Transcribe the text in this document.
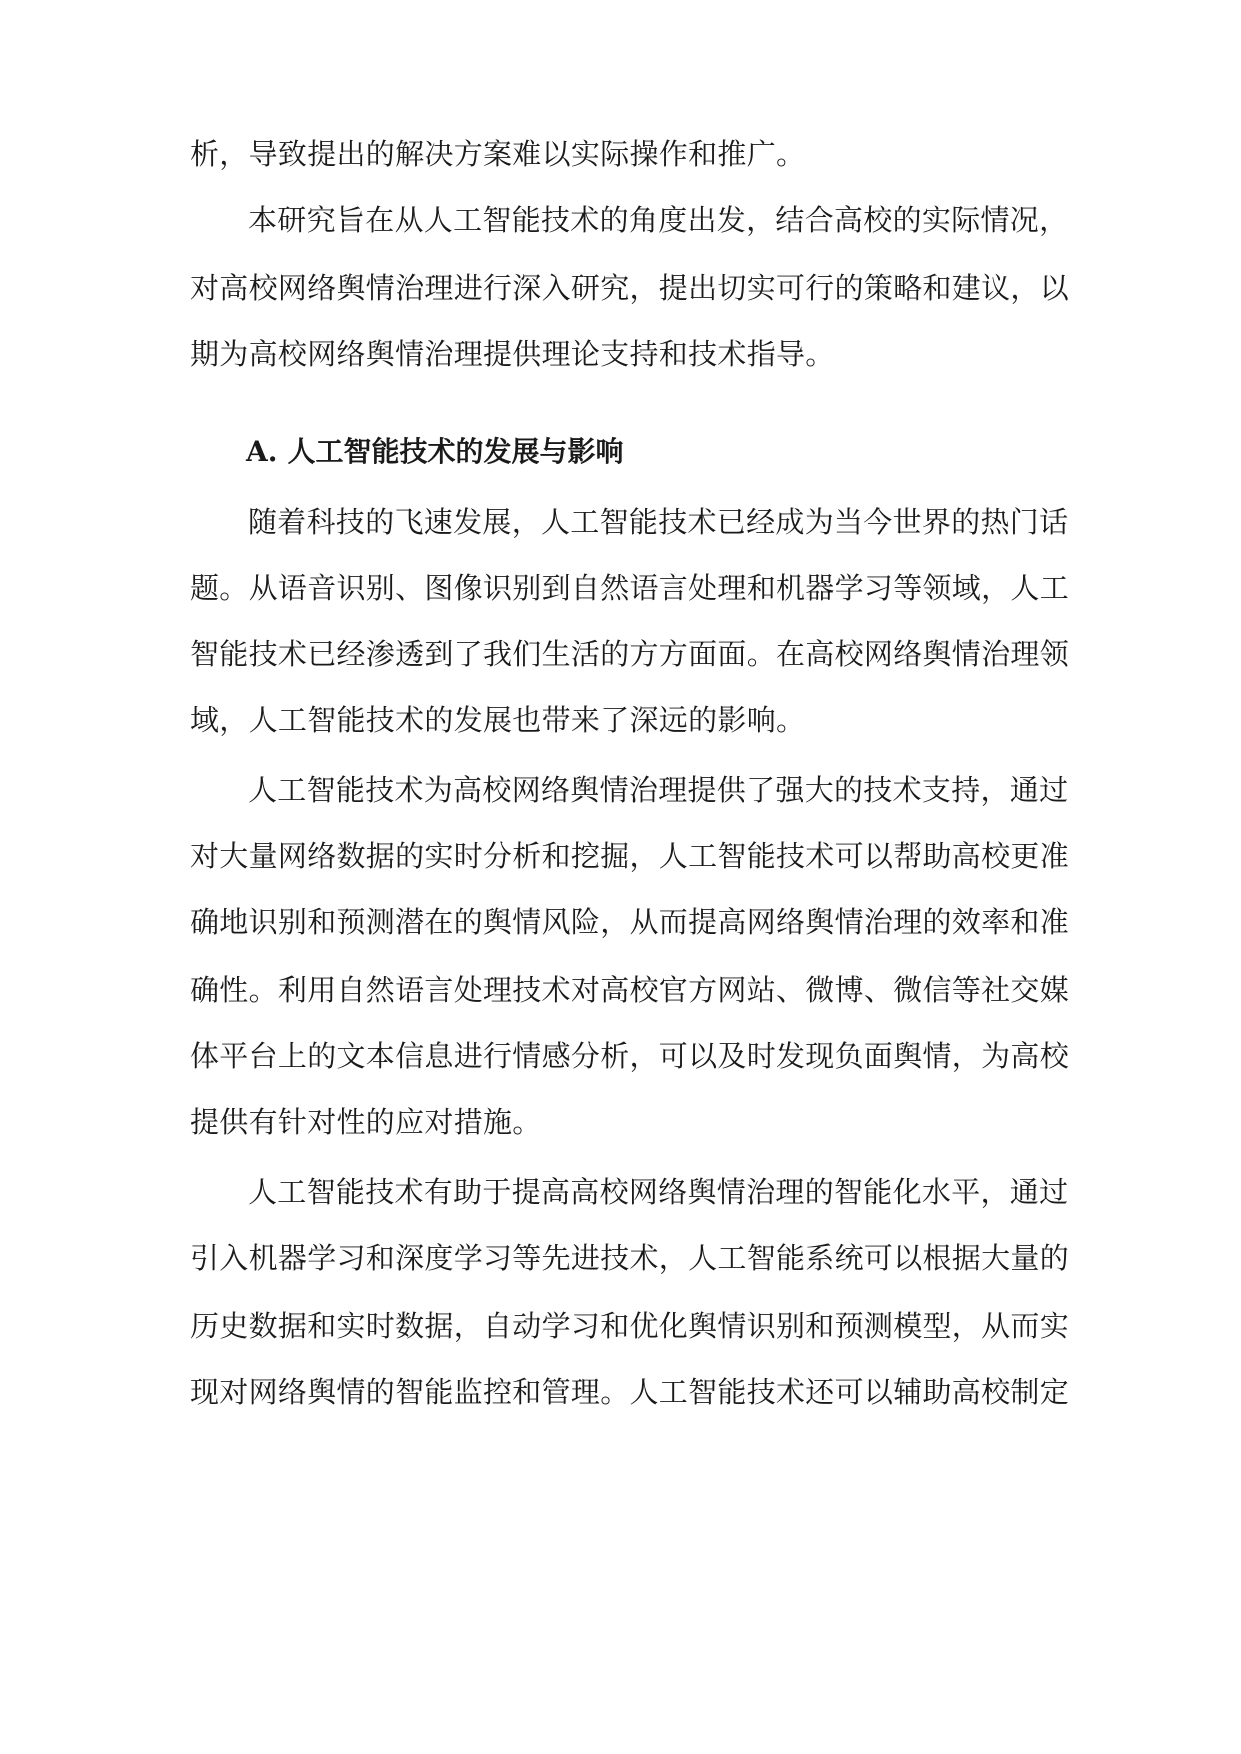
析，导致提出的解决方案难以实际操作和推广。
本研究旨在从人工智能技术的角度出发，结合高校的实际情况，
对高校网络舆情治理进行深入研究，提出切实可行的策略和建议，以
期为高校网络舆情治理提供理论支持和技术指导。
A. 人工智能技术的发展与影响
随着科技的飞速发展，人工智能技术已经成为当今世界的热门话
题。从语音识别、图像识别到自然语言处理和机器学习等领域，人工
智能技术已经渗透到了我们生活的方方面面。在高校网络舆情治理领
域，人工智能技术的发展也带来了深远的影响。
人工智能技术为高校网络舆情治理提供了强大的技术支持，通过
对大量网络数据的实时分析和挖掘，人工智能技术可以帮助高校更准
确地识别和预测潜在的舆情风险，从而提高网络舆情治理的效率和准
确性。利用自然语言处理技术对高校官方网站、微博、微信等社交媒
体平台上的文本信息进行情感分析，可以及时发现负面舆情，为高校
提供有针对性的应对措施。
人工智能技术有助于提高高校网络舆情治理的智能化水平，通过
引入机器学习和深度学习等先进技术，人工智能系统可以根据大量的
历史数据和实时数据，自动学习和优化舆情识别和预测模型，从而实
现对网络舆情的智能监控和管理。人工智能技术还可以辅助高校制定
